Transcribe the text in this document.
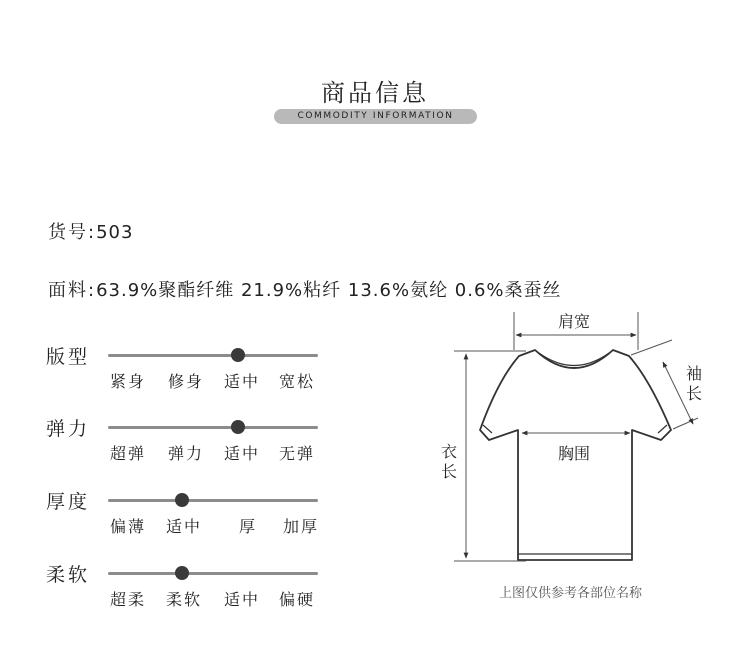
商品信息
COMMODITY INFORMATION
货号:503
面料:63.9%聚酯纤维 21.9%粘纤 13.6%氨纶 0.6%桑蚕丝
版型
紧身 修身 适中 宽松
弹力
超弹 弹力 适中 无弹
厚度
偏薄 适中 厚 加厚
柔软
超柔 柔软 适中 偏硬
肩宽
胸围
衣长
袖长
上图仅供参考各部位名称
